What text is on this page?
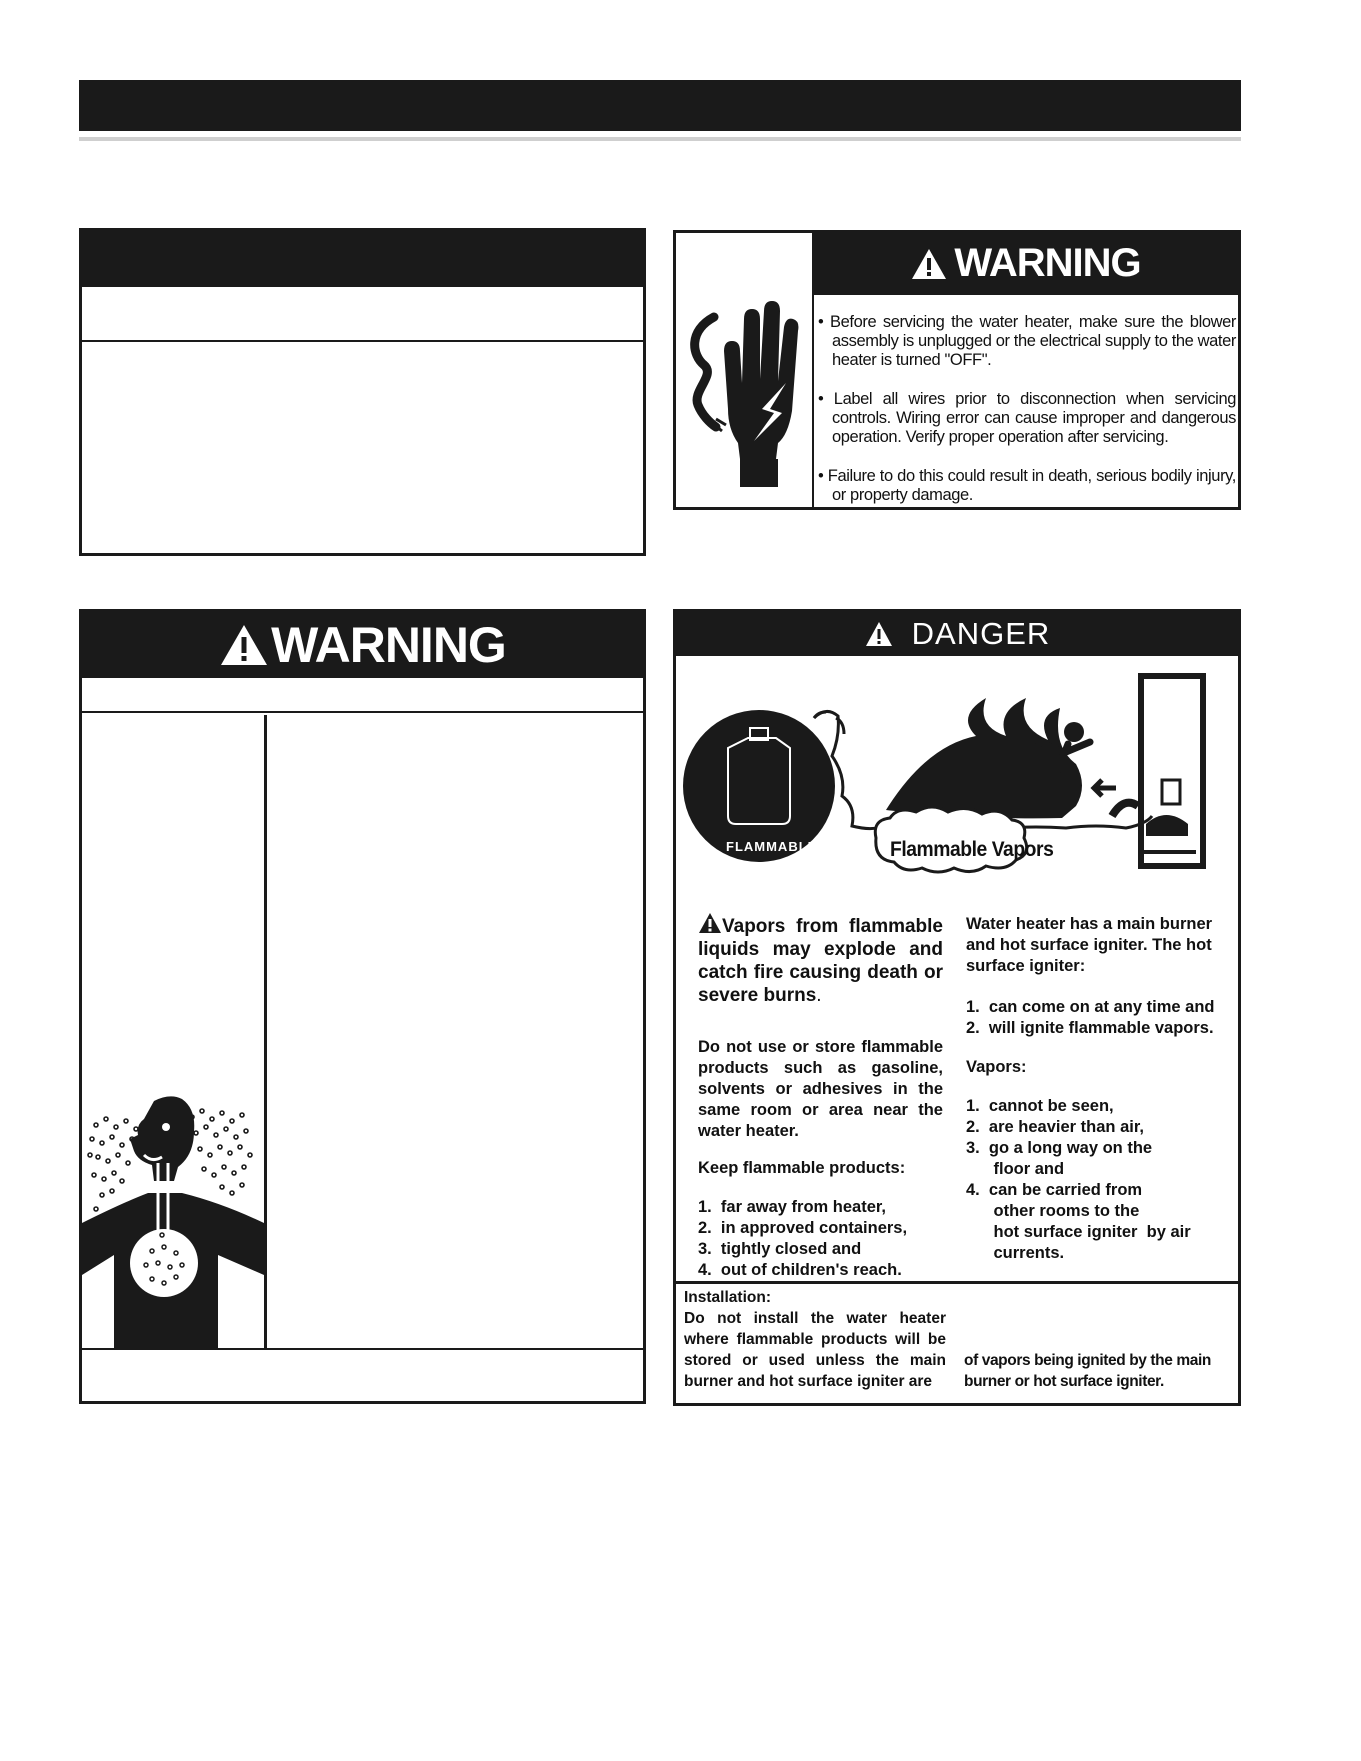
WARNING

• Before servicing the water heater, make sure the blower assembly is unplugged or the electrical supply to the water heater is turned "OFF".

• Label all wires prior to disconnection when servicing controls. Wiring error can cause improper and dangerous operation. Verify proper operation after servicing.

• Failure to do this could result in death, serious bodily injury, or property damage.

WARNING	DANGER
FLAMMABLE	Flammable Vapors
Vapors from flammable liquids may explode and catch fire causing death or severe burns.
Do not use or store flammable products such as gasoline, solvents or adhesives in the same room or area near the water heater.
Keep flammable products:
1.  far away from heater,
2.  in approved containers,
3.  tightly closed and
4.  out of children's reach.
Water heater has a main burner and hot surface igniter. The hot surface igniter:
1.  can come on at any time and
2.  will ignite flammable vapors.
Vapors:
1.  cannot be seen,
2.  are heavier than air,
3.  go a long way on the
floor and
4.  can be carried from
other rooms to the
hot surface igniter  by air
currents.
Installation:
Do not install the water heater where flammable products will be stored or used unless the main burner and hot surface igniter are
of vapors being ignited by the main burner or hot surface igniter.
